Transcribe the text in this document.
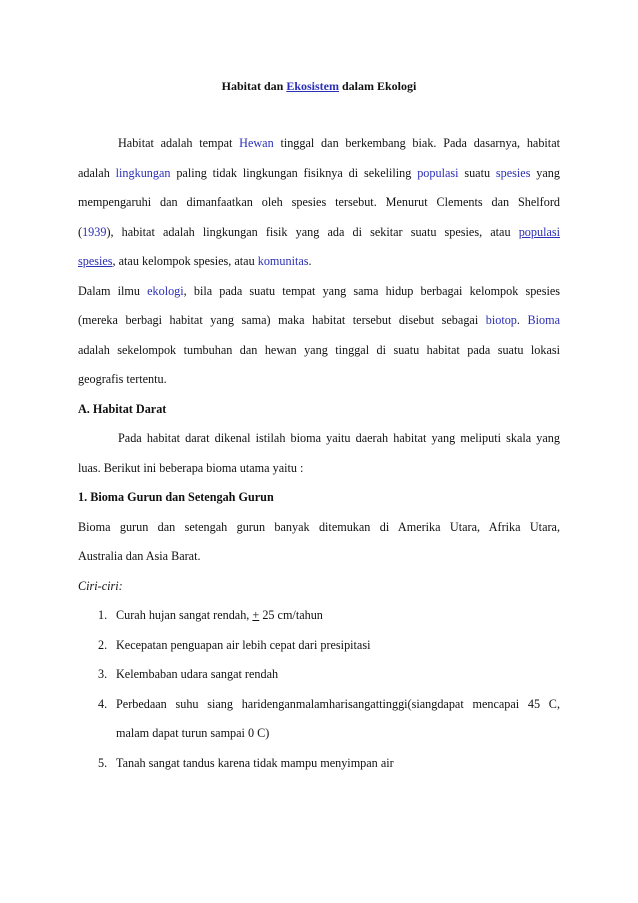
Habitat dan Ekosistem dalam Ekologi

Habitat adalah tempat Hewan tinggal dan berkembang biak. Pada dasarnya, habitat

adalah lingkungan paling tidak lingkungan fisiknya di sekeliling populasi suatu spesies yang

mempengaruhi dan dimanfaatkan oleh spesies tersebut. Menurut Clements dan Shelford

(1939), habitat adalah lingkungan fisik yang ada di sekitar suatu spesies, atau populasi

spesies, atau kelompok spesies, atau komunitas.

Dalam ilmu ekologi, bila pada suatu tempat yang sama hidup berbagai kelompok spesies

(mereka berbagi habitat yang sama) maka habitat tersebut disebut sebagai biotop. Bioma

adalah sekelompok tumbuhan dan hewan yang tinggal di suatu habitat pada suatu lokasi

geografis tertentu.

A. Habitat Darat

Pada habitat darat dikenal istilah bioma yaitu daerah habitat yang meliputi skala yang

luas. Berikut ini beberapa bioma utama yaitu :

1. Bioma Gurun dan Setengah Gurun

Bioma gurun dan setengah gurun banyak ditemukan di Amerika Utara, Afrika Utara,

Australia dan Asia Barat.

Ciri-ciri:

1. Curah hujan sangat rendah, + 25 cm/tahun
2. Kecepatan penguapan air lebih cepat dari presipitasi
3. Kelembaban udara sangat rendah
4. Perbedaan suhu siang haridenganmalamharisangattinggi(siangdapat mencapai 45 C,
malam dapat turun sampai 0 C)
5. Tanah sangat tandus karena tidak mampu menyimpan air
